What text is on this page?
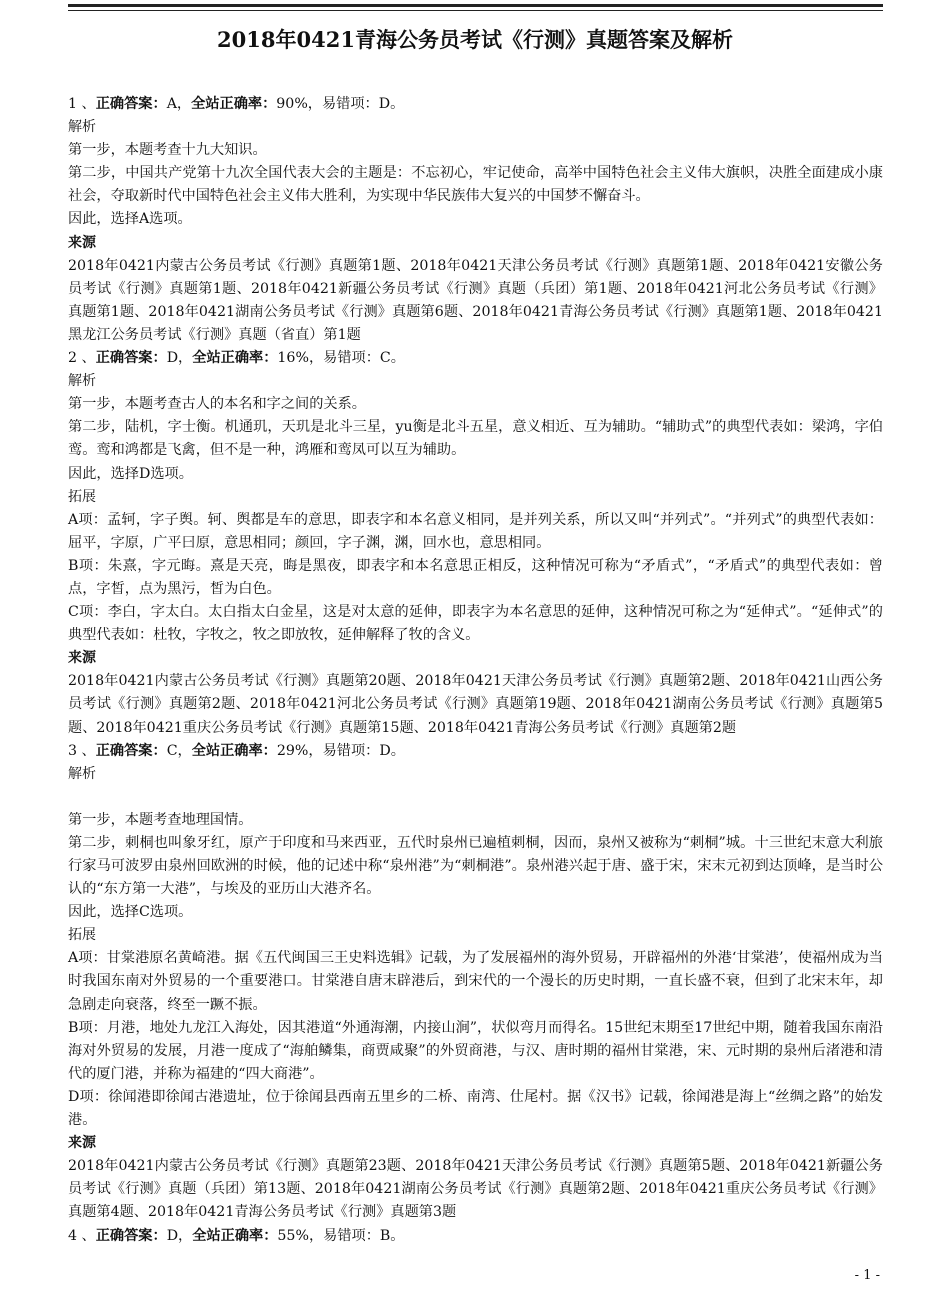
2018年0421青海公务员考试《行测》真题答案及解析

1 、正确答案：A，全站正确率：90%，易错项：D。

解析

第一步，本题考查十九大知识。

第二步，中国共产党第十九次全国代表大会的主题是：不忘初心，牢记使命，高举中国特色社会主义伟大旗帜，决胜全面建成小康社会，夺取新时代中国特色社会主义伟大胜利，为实现中华民族伟大复兴的中国梦不懈奋斗。

因此，选择A选项。

来源

2018年0421内蒙古公务员考试《行测》真题第1题、2018年0421天津公务员考试《行测》真题第1题、2018年0421安徽公务员考试《行测》真题第1题、2018年0421新疆公务员考试《行测》真题（兵团）第1题、2018年0421河北公务员考试《行测》真题第1题、2018年0421湖南公务员考试《行测》真题第6题、2018年0421青海公务员考试《行测》真题第1题、2018年0421黑龙江公务员考试《行测》真题（省直）第1题

2 、正确答案：D，全站正确率：16%，易错项：C。

解析

第一步，本题考查古人的本名和字之间的关系。

第二步，陆机，字士衡。机通玑，天玑是北斗三星，yu衡是北斗五星，意义相近、互为辅助。“辅助式”的典型代表如：梁鸿，字伯鸾。鸾和鸿都是飞禽，但不是一种，鸿雁和鸾凤可以互为辅助。

因此，选择D选项。

拓展

A项：孟轲，字子舆。轲、舆都是车的意思，即表字和本名意义相同，是并列关系，所以又叫“并列式”。“并列式”的典型代表如：屈平，字原，广平曰原，意思相同；颜回，字子渊，渊，回水也，意思相同。

B项：朱熹，字元晦。熹是天亮，晦是黑夜，即表字和本名意思正相反，这种情况可称为“矛盾式”，“矛盾式”的典型代表如：曾点，字皙，点为黑污，皙为白色。

C项：李白，字太白。太白指太白金星，这是对太意的延伸，即表字为本名意思的延伸，这种情况可称之为“延伸式”。“延伸式”的典型代表如：杜牧，字牧之，牧之即放牧，延伸解释了牧的含义。

来源

2018年0421内蒙古公务员考试《行测》真题第20题、2018年0421天津公务员考试《行测》真题第2题、2018年0421山西公务员考试《行测》真题第2题、2018年0421河北公务员考试《行测》真题第19题、2018年0421湖南公务员考试《行测》真题第5题、2018年0421重庆公务员考试《行测》真题第15题、2018年0421青海公务员考试《行测》真题第2题

3 、正确答案：C，全站正确率：29%，易错项：D。

解析

第一步，本题考查地理国情。

第二步，刺桐也叫象牙红，原产于印度和马来西亚，五代时泉州已遍植刺桐，因而，泉州又被称为“刺桐”城。十三世纪末意大利旅行家马可波罗由泉州回欧洲的时候，他的记述中称“泉州港”为“刺桐港”。泉州港兴起于唐、盛于宋，宋末元初到达顶峰，是当时公认的“东方第一大港”，与埃及的亚历山大港齐名。

因此，选择C选项。

拓展

A项：甘棠港原名黄崎港。据《五代闽国三王史料选辑》记载，为了发展福州的海外贸易，开辟福州的外港‘甘棠港’，使福州成为当时我国东南对外贸易的一个重要港口。甘棠港自唐末辟港后，到宋代的一个漫长的历史时期，一直长盛不衰，但到了北宋末年，却急剧走向衰落，终至一蹶不振。

B项：月港，地处九龙江入海处，因其港道“外通海潮，内接山涧”，状似弯月而得名。15世纪末期至17世纪中期，随着我国东南沿海对外贸易的发展，月港一度成了“海舶鳞集，商贾咸聚”的外贸商港，与汉、唐时期的福州甘棠港，宋、元时期的泉州后渚港和清代的厦门港，并称为福建的“四大商港”。

D项：徐闻港即徐闻古港遗址，位于徐闻县西南五里乡的二桥、南湾、仕尾村。据《汉书》记载，徐闻港是海上“丝绸之路”的始发港。

来源

2018年0421内蒙古公务员考试《行测》真题第23题、2018年0421天津公务员考试《行测》真题第5题、2018年0421新疆公务员考试《行测》真题（兵团）第13题、2018年0421湖南公务员考试《行测》真题第2题、2018年0421重庆公务员考试《行测》真题第4题、2018年0421青海公务员考试《行测》真题第3题

4 、正确答案：D，全站正确率：55%，易错项：B。

- 1 -
